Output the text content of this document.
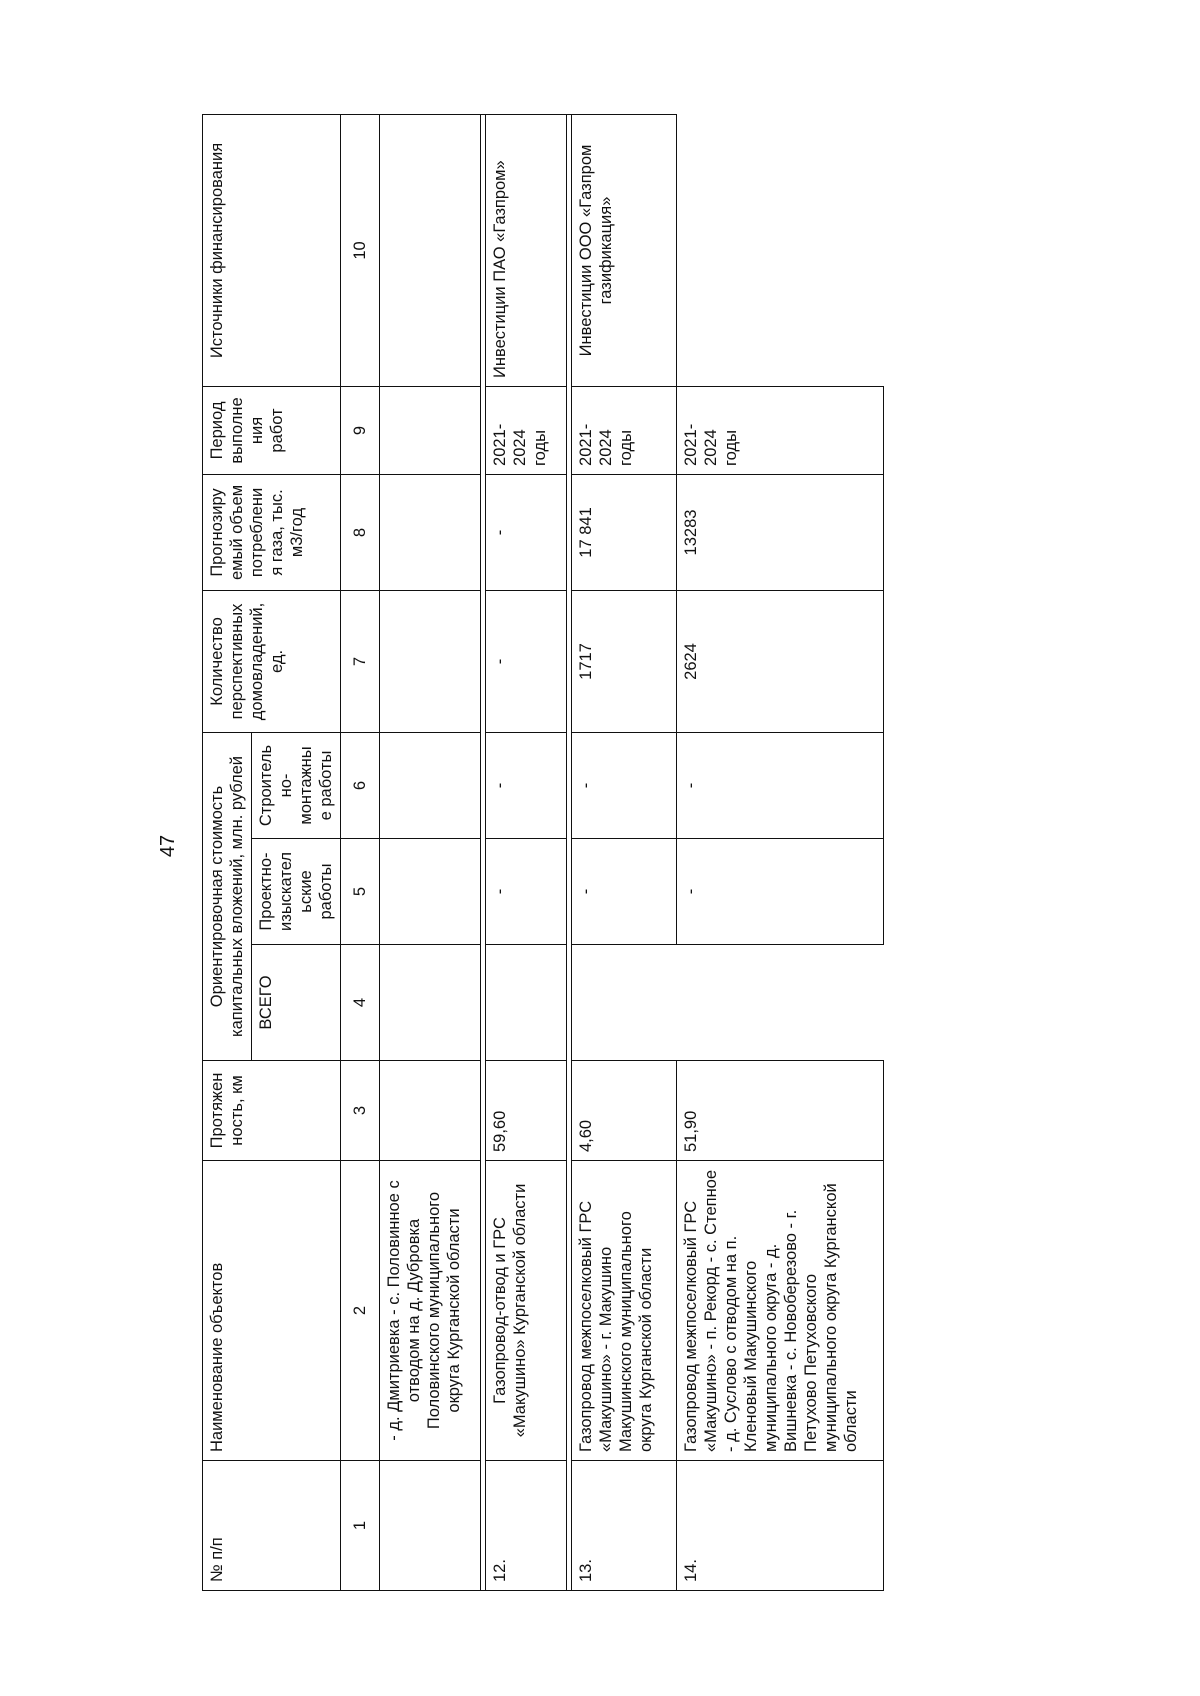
47
№ п/п	Наименование объектов	Протяжен ность, км	Ориентировочная стоимость капитальных вложений, млн. рублей			Количество перспективных домовладений, ед.	Прогнозиру емый объем потреблени я газа, тыс. м3/год	Период выполне ния работ	Источники финансирования
			ВСЕГО	Проектно-изыскател ьские работы	Строитель но-монтажны е работы				
1	2	3	4	5	6	7	8	9	10
	- д. Дмитриевка - с. Половинное с отводом на д. Дубровка Половинского муниципального округа Курганской области								

12.	Газопровод-отвод и ГРС «Макушино» Курганской области	59,60		-	-	-	-	2021-2024 годы	Инвестиции ПАО «Газпром»

13.	Газопровод межпоселковый ГРС «Макушино» - г. Макушино Макушинского муниципального округа Курганской области	4,60		-	-	1717	17 841	2021-2024 годы	Инвестиции ООО «Газпром газификация»
14.	Газопровод межпоселковый ГРС «Макушино» - п. Рекорд - с. Степное - д. Суслово с отводом на п. Кленовый Макушинского муниципального округа - д. Вишневка - с. Новоберезово - г. Петухово Петуховского муниципального округа Курганской области	51,90		-	-	2624	13283	2021-2024 годы	
